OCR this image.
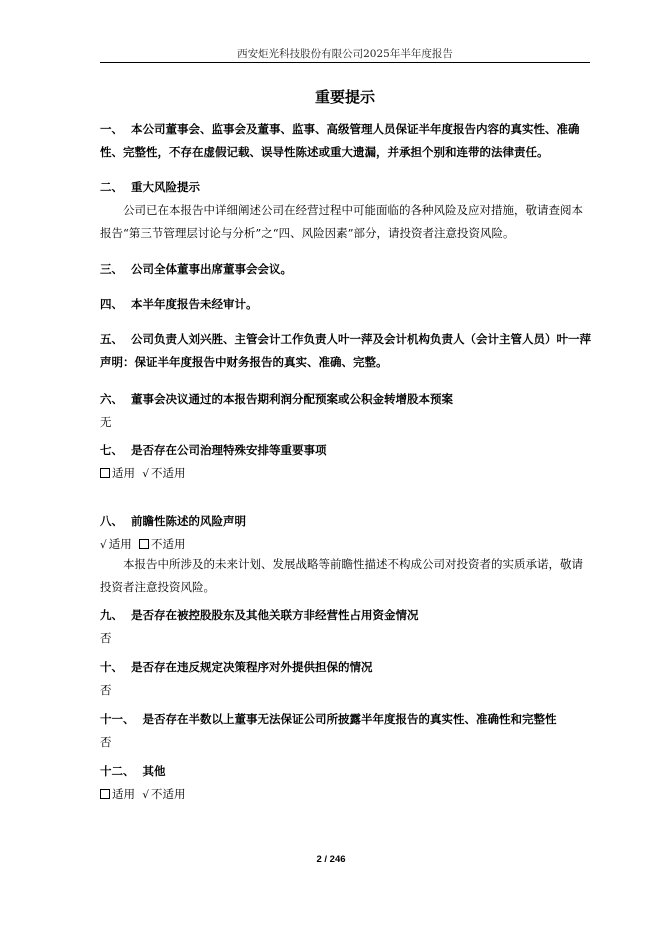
西安炬光科技股份有限公司2025年半年度报告
重要提示
一、 本公司董事会、监事会及董事、监事、高级管理人员保证半年度报告内容的真实性、准确性、完整性，不存在虚假记载、误导性陈述或重大遗漏，并承担个别和连带的法律责任。
二、 重大风险提示
公司已在本报告中详细阐述公司在经营过程中可能面临的各种风险及应对措施，敬请查阅本报告“第三节管理层讨论与分析”之“四、风险因素”部分，请投资者注意投资风险。
三、 公司全体董事出席董事会会议。
四、 本半年度报告未经审计。
五、 公司负责人刘兴胜、主管会计工作负责人叶一萍及会计机构负责人（会计主管人员）叶一萍声明：保证半年度报告中财务报告的真实、准确、完整。
六、 董事会决议通过的本报告期利润分配预案或公积金转增股本预案
无
七、 是否存在公司治理特殊安排等重要事项
适用 √ 不适用
八、 前瞻性陈述的风险声明
√ 适用 不适用
本报告中所涉及的未来计划、发展战略等前瞻性描述不构成公司对投资者的实质承诺，敬请投资者注意投资风险。
九、 是否存在被控股股东及其他关联方非经营性占用资金情况
否
十、 是否存在违反规定决策程序对外提供担保的情况
否
十一、 是否存在半数以上董事无法保证公司所披露半年度报告的真实性、准确性和完整性
否
十二、 其他
适用 √ 不适用
2 / 246
